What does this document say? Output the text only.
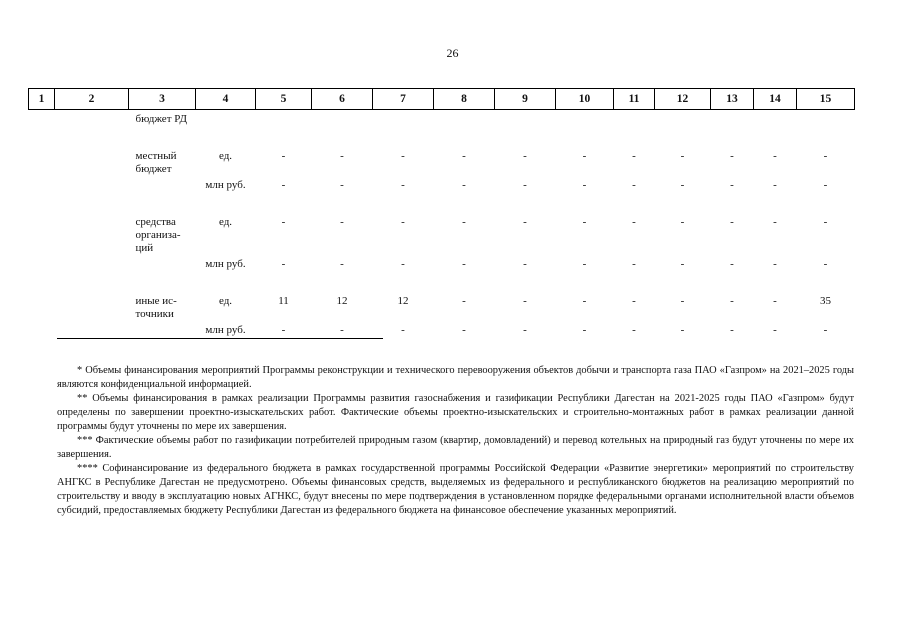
26
1	2	3	4	5	6	7	8	9	10	11	12	13	14	15
		бюджет РД												

		местный бюджет	ед.	-	-	-	-	-	-	-	-	-	-	-
			млн руб.	-	-	-	-	-	-	-	-	-	-	-

		средства организа-ций	ед.	-	-	-	-	-	-	-	-	-	-	-
			млн руб.	-	-	-	-	-	-	-	-	-	-	-

		иные ис-точники	ед.	11	12	12	-	-	-	-	-	-	-	35
			млн руб.	-	-	-	-	-	-	-	-	-	-	-

* Объемы финансирования мероприятий Программы реконструкции и технического перевооружения объектов добычи и транспорта газа ПАО «Газпром» на 2021–2025 годы являются конфиденциальной информацией.

** Объемы финансирования в рамках реализации Программы развития газоснабжения и газификации Республики Дагестан на 2021-2025 годы ПАО «Газпром» будут определены по завершении проектно-изыскательских работ. Фактические объемы проектно-изыскательских и строительно-монтажных работ в рамках реализации данной программы будут уточнены по мере их завершения.

*** Фактические объемы работ по газификации потребителей природным газом (квартир, домовладений) и перевод котельных на природный газ будут уточнены по мере их завершения.

**** Софинансирование из федерального бюджета в рамках государственной программы Российской Федерации «Развитие энергетики» мероприятий по строительству АНГКС в Республике Дагестан не предусмотрено. Объемы финансовых средств, выделяемых из федерального и республиканского бюджетов на реализацию мероприятий по строительству и вводу в эксплуатацию новых АГНКС, будут внесены по мере подтверждения в установленном порядке федеральными органами исполнительной власти объемов субсидий, предоставляемых бюджету Республики Дагестан из федерального бюджета на финансовое обеспечение указанных мероприятий.
